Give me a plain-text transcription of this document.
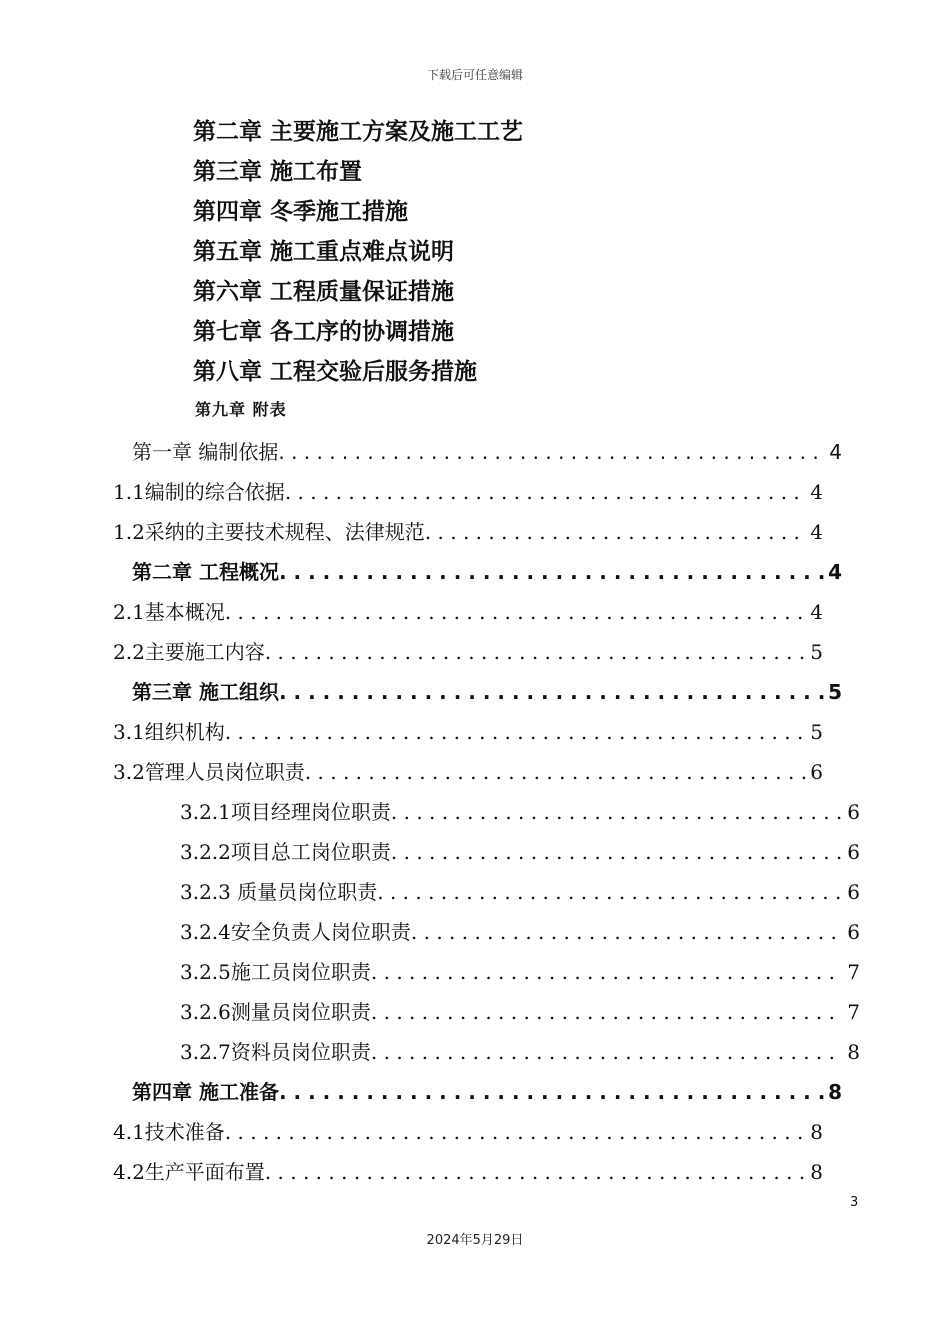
下载后可任意编辑
第二章 主要施工方案及施工工艺
第三章 施工布置
第四章 冬季施工措施
第五章 施工重点难点说明
第六章 工程质量保证措施
第七章 各工序的协调措施
第八章 工程交验后服务措施
第九章 附表
第一章 编制依据 . . .	4
1.1编制的综合依据 . . .	4
1.2采纳的主要技术规程、法律规范 . . .	4
第二章 工程概况 . . .	4
2.1基本概况 . . .	4
2.2主要施工内容 . . .	5
第三章 施工组织 . . .	5
3.1组织机构 . . .	5
3.2管理人员岗位职责 . . .	6
3.2.1项目经理岗位职责 . . .	6
3.2.2项目总工岗位职责 . . .	6
3.2.3 质量员岗位职责 . . .	6
3.2.4安全负责人岗位职责 . . .	6
3.2.5施工员岗位职责 . . .	7
3.2.6测量员岗位职责 . . .	7
3.2.7资料员岗位职责 . . .	8
第四章 施工准备 . . .	8
4.1技术准备 . . .	8
4.2生产平面布置 . . .	8
3
2024年5月29日
